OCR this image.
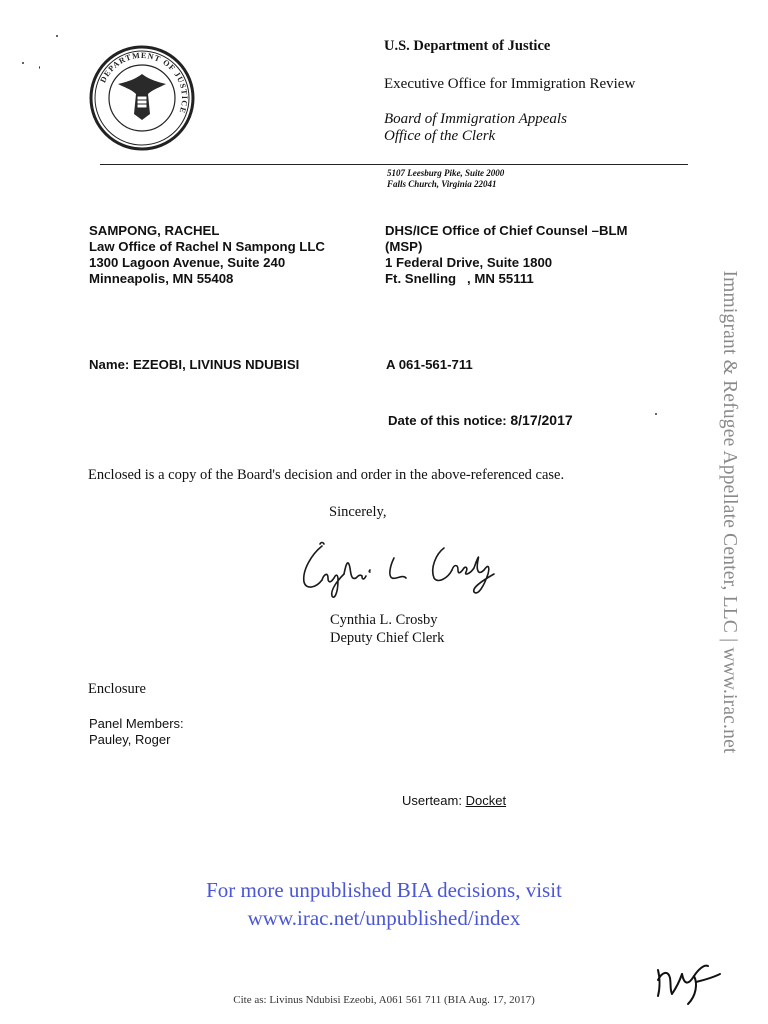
DEPARTMENT OF JUSTICE
U.S. Department of Justice
Executive Office for Immigration Review
Board of Immigration Appeals
Office of the Clerk
5107 Leesburg Pike, Suite 2000
Falls Church, Virginia 22041
SAMPONG, RACHEL
Law Office of Rachel N Sampong LLC
1300 Lagoon Avenue, Suite 240
Minneapolis, MN 55408
DHS/ICE Office of Chief Counsel –BLM
(MSP)
1 Federal Drive, Suite 1800
Ft. Snelling   , MN 55111
Name: EZEOBI, LIVINUS NDUBISI	A 061-561-711
Date of this notice: 8/17/2017
Enclosed is a copy of the Board's decision and order in the above-referenced case.
Sincerely,
Cynthia L. Crosby
Deputy Chief Clerk
Enclosure
Panel Members:
Pauley, Roger
Userteam: Docket
For more unpublished BIA decisions, visit
www.irac.net/unpublished/index
Cite as: Livinus Ndubisi Ezeobi, A061 561 711 (BIA Aug. 17, 2017)
Immigrant & Refugee Appellate Center, LLC | www.irac.net
